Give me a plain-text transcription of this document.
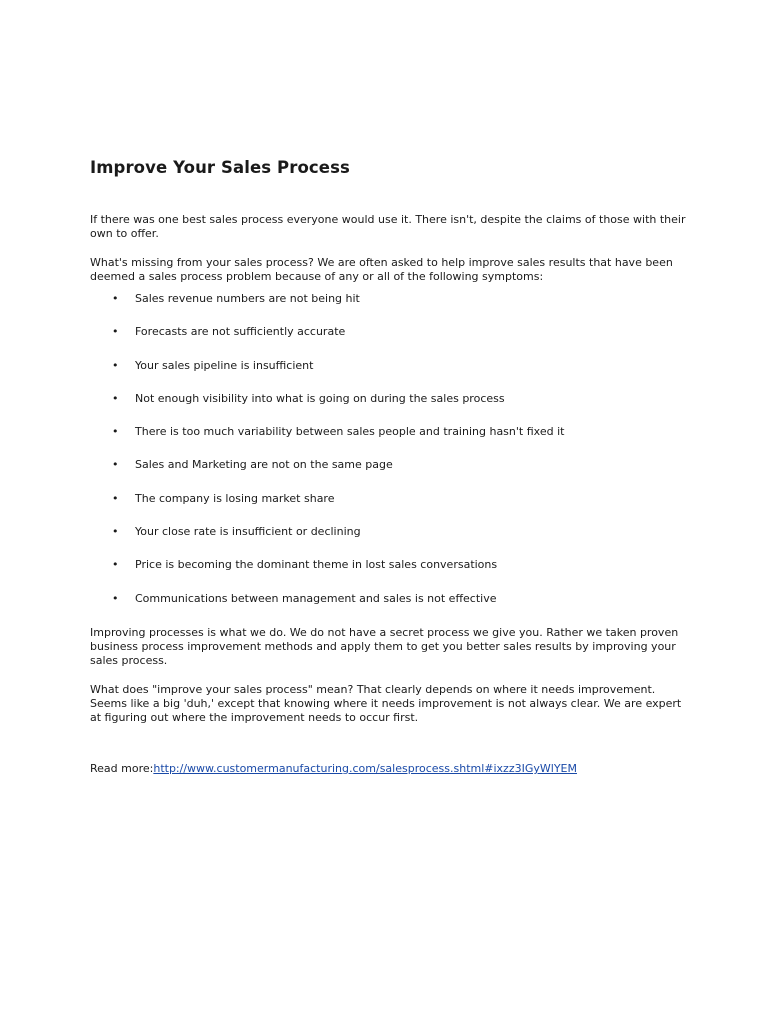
Improve Your Sales Process

If there was one best sales process everyone would use it. There isn't, despite the claims of those with their own to offer.

What's missing from your sales process? We are often asked to help improve sales results that have been deemed a sales process problem because of any or all of the following symptoms:

• Sales revenue numbers are not being hit
• Forecasts are not sufficiently accurate
• Your sales pipeline is insufficient
• Not enough visibility into what is going on during the sales process
• There is too much variability between sales people and training hasn't fixed it
• Sales and Marketing are not on the same page
• The company is losing market share
• Your close rate is insufficient or declining
• Price is becoming the dominant theme in lost sales conversations
• Communications between management and sales is not effective

Improving processes is what we do. We do not have a secret process we give you. Rather we taken proven business process improvement methods and apply them to get you better sales results by improving your sales process.

What does "improve your sales process" mean? That clearly depends on where it needs improvement. Seems like a big 'duh,' except that knowing where it needs improvement is not always clear. We are expert at figuring out where the improvement needs to occur first.

Read more:http://www.customermanufacturing.com/salesprocess.shtml#ixzz3IGyWlYEM
